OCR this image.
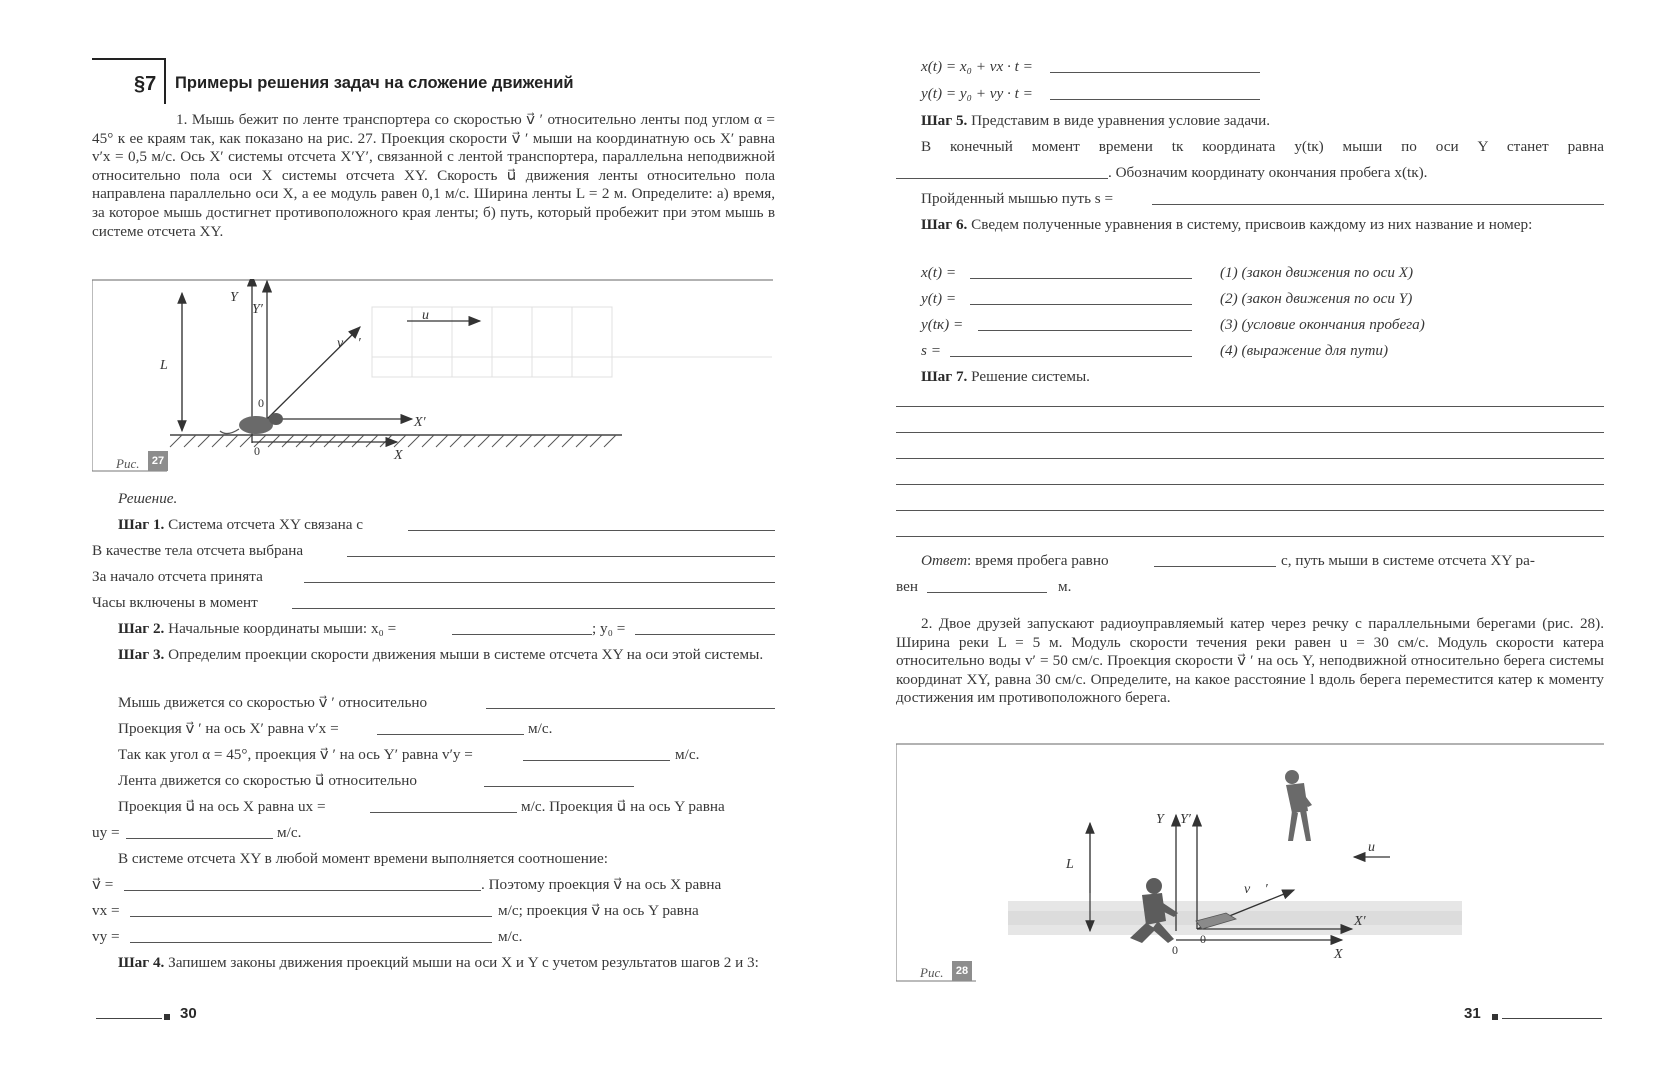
§7 Примеры решения задач на сложение движений
1. Мышь бежит по ленте транспортера со скоростью v⃗ ′ относительно ленты под углом α = 45° к ее краям так, как показано на рис. 27. Проекция скорости v⃗ ′ мыши на координатную ось X′ равна v′x = 0,5 м/с. Ось X′ системы отсчета X′Y′, связанной с лентой транспортера, параллельна неподвижной относительно пола оси X системы отсчета XY. Скорость u⃗ движения ленты относительно пола направлена параллельно оси X, а ее модуль равен 0,1 м/с. Ширина ленты L = 2 м. Определите: а) время, за которое мышь достигнет противоположного края ленты; б) путь, который пробежит при этом мышь в системе отсчета XY.
Y
Y′
L
v⃗ ′
u⃗
0
0
X′
X
Рис.	27
Решение.
Шаг 1. Система отсчета XY связана с
В качестве тела отсчета выбрана
За начало отсчета принята
Часы включены в момент
Шаг 2. Начальные координаты мыши: x₀ =	; y₀ =
Шаг 3. Определим проекции скорости движения мыши в системе отсчета XY на оси этой системы.
Мышь движется со скоростью v⃗ ′ относительно
Проекция v⃗ ′ на ось X′ равна v′x =	м/с.
Так как угол α = 45°, проекция v⃗ ′ на ось Y′ равна v′y =	м/с.
Лента движется со скоростью u⃗ относительно
Проекция u⃗ на ось X равна ux =	м/с. Проекция u⃗ на ось Y равна
uy =	м/с.
В системе отсчета XY в любой момент времени выполняется соотношение:
v⃗ =	. Поэтому проекция v⃗ на ось X равна
vx =	м/с; проекция v⃗ на ось Y равна
vy =	м/с.
Шаг 4. Запишем законы движения проекций мыши на оси X и Y с учетом результатов шагов 2 и 3:
30
x(t) = x₀ + vx · t =
y(t) = y₀ + vy · t =
Шаг 5. Представим в виде уравнения условие задачи.
В конечный момент времени tк координата y(tк) мыши по оси Y станет равна
. Обозначим координату окончания пробега x(tк).
Пройденный мышью путь s =
Шаг 6. Сведем полученные уравнения в систему, присвоив каждому из них название и номер:
x(t) =	(1) (закон движения по оси X)
y(t) =	(2) (закон движения по оси Y)
y(tк) =	(3) (условие окончания пробега)
s =	(4) (выражение для пути)
Шаг 7. Решение системы.
Ответ: время пробега равно	с, путь мыши в системе отсчета XY ра-
вен	м.
2. Двое друзей запускают радиоуправляемый катер через речку с параллельными берегами (рис. 28). Ширина реки L = 5 м. Модуль скорости течения реки равен u = 30 см/с. Модуль скорости катера относительно воды v′ = 50 см/с. Проекция скорости v⃗ ′ на ось Y, неподвижной относительно берега системы координат XY, равна 30 см/с. Определите, на какое расстояние l вдоль берега переместится катер к моменту достижения им противоположного берега.
Y Y′
L
u⃗
v⃗ ′
X′
X
0
0
Рис.	28
31
